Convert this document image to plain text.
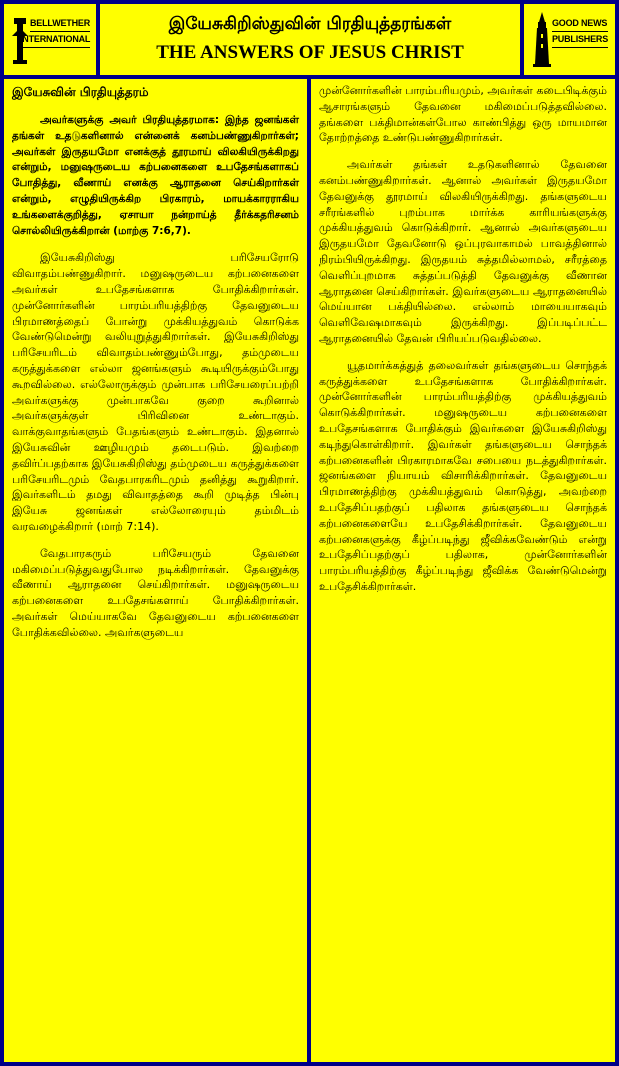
BELLWETHER
INTERNATIONAL
இயேசுகிறிஸ்துவின் பிரதியுத்தரங்கள்
THE ANSWERS OF JESUS CHRIST
GOOD NEWS
PUBLISHERS
இயேசுவின் பிரதியுத்தரம்

அவர்களுக்கு அவர் பிரதியுத்தரமாக: இந்த ஜனங்கள் தங்கள் உதடுகளினால் என்னைக் கனம்பண்ணுகிறார்கள்; அவர்கள் இருதயமோ எனக்குத் தூரமாய் விலகியிருக்கிறது என்றும், மனுஷருடைய கற்பனைகளை உபதேசங்களாகப் போதித்து, வீணாய் எனக்கு ஆராதனை செய்கிறார்கள் என்றும், எழுதியிருக்கிற பிரகாரம், மாயக்காரராகிய உங்களைக்குறித்து, ஏசாயா நன்றாய்த் தீர்க்கதரிசனம் சொல்லியிருக்கிறான் (மாற்கு 7:6,7).

இயேசுகிறிஸ்து பரிசேயரோடு விவாதம்பண்ணுகிறார். மனுஷருடைய கற்பனைகளை அவர்கள் உபதேசங்களாக போதிக்கிறார்கள். முன்னோர்களின் பாரம்பரியத்திற்கு தேவனுடைய பிரமாணத்தைப் போன்று முக்கியத்துவம் கொடுக்க வேண்டுமென்று வலியுறுத்துகிறார்கள். இயேசுகிறிஸ்து பரிசேயரிடம் விவாதம்பண்ணும்போது, தம்முடைய கருத்துக்களை எல்லா ஜனங்களும் கூடியிருக்கும்போது கூறவில்லை. எல்லோருக்கும் முன்பாக பரிசேயரைப்பற்றி அவர்களுக்கு முன்பாகவே குறை கூறினால் அவர்களுக்குள் பிரிவினை உண்டாகும். வாக்குவாதங்களும் பேதங்களும் உண்டாகும். இதனால் இயேசுவின் ஊழியமும் தடைபடும். இவற்றை தவிர்ப்பதற்காக இயேசுகிறிஸ்து தம்முடைய கருத்துக்களை பரிசேயரிடமும் வேதபாரகரிடமும் தனித்து கூறுகிறார். இவர்களிடம் தமது விவாதத்தை கூறி முடித்த பின்பு இயேசு ஜனங்கள் எல்லோரையும் தம்மிடம் வரவழைக்கிறார் (மாற் 7:14).

வேதபாரகரும் பரிசேயரும் தேவனை மகிமைப்படுத்துவதுபோல நடிக்கிறார்கள். தேவனுக்கு வீணாய் ஆராதனை செய்கிறார்கள். மனுஷருடைய கற்பனைகளை உபதேசங்களாய் போதிக்கிறார்கள். அவர்கள் மெய்யாகவே தேவனுடைய கற்பனைகளை போதிக்கவில்லை. அவர்களுடைய

முன்னோர்களின் பாரம்பரியமும், அவர்கள் கடைபிடிக்கும் ஆசாரங்களும் தேவனை மகிமைப்படுத்தவில்லை. தங்களை பக்திமான்கள்போல காண்பித்து ஒரு மாயமான தோற்றத்தை உண்டுபண்ணுகிறார்கள்.

அவர்கள் தங்கள் உதடுகளினால் தேவனை கனம்பண்ணுகிறார்கள். ஆனால் அவர்கள் இருதயமோ தேவனுக்கு தூரமாய் விலகியிருக்கிறது. தங்களுடைய சரீரங்களில் புறம்பாக மார்க்க காரியங்களுக்கு முக்கியத்துவம் கொடுக்கிறார். ஆனால் அவர்களுடைய இருதயமோ தேவனோடு ஒப்புரவாகாமல் பாவத்தினால் நிரம்பியிருக்கிறது. இருதயம் சுத்தமில்லாமல், சரீரத்தை வெளிப்புறமாக சுத்தப்படுத்தி தேவனுக்கு வீணான ஆராதனை செய்கிறார்கள். இவர்களுடைய ஆராதனையில் மெய்யான பக்தியில்லை. எல்லாம் மாயையாகவும் வெளிவேஷமாகவும் இருக்கிறது. இப்படிப்பட்ட ஆராதனையில் தேவன் பிரியப்படுவதில்லை.

யூதமார்க்கத்துத் தலைவர்கள் தங்களுடைய சொந்தக் கருத்துக்களை உபதேசங்களாக போதிக்கிறார்கள். முன்னோர்களின் பாரம்பரியத்திற்கு முக்கியத்துவம் கொடுக்கிறார்கள். மனுஷருடைய கற்பனைகளை உபதேசங்களாக போதிக்கும் இவர்களை இயேசுகிறிஸ்து கடிந்துகொள்கிறார். இவர்கள் தங்களுடைய சொந்தக் கற்பனைகளின் பிரகாரமாகவே சபையை நடத்துகிறார்கள். ஜனங்களை நியாயம் விசாரிக்கிறார்கள். தேவனுடைய பிரமாணத்திற்கு முக்கியத்துவம் கொடுத்து, அவற்றை உபதேசிப்பதற்குப் பதிலாக தங்களுடைய சொந்தக் கற்பனைகளையே உபதேசிக்கிறார்கள். தேவனுடைய கற்பனைகளுக்கு கீழ்ப்படிந்து ஜீவிக்கவேண்டும் என்று உபதேசிப்பதற்குப் பதிலாக, முன்னோர்களின் பாரம்பரியத்திற்கு கீழ்ப்படிந்து ஜீவிக்க வேண்டுமென்று உபதேசிக்கிறார்கள்.
